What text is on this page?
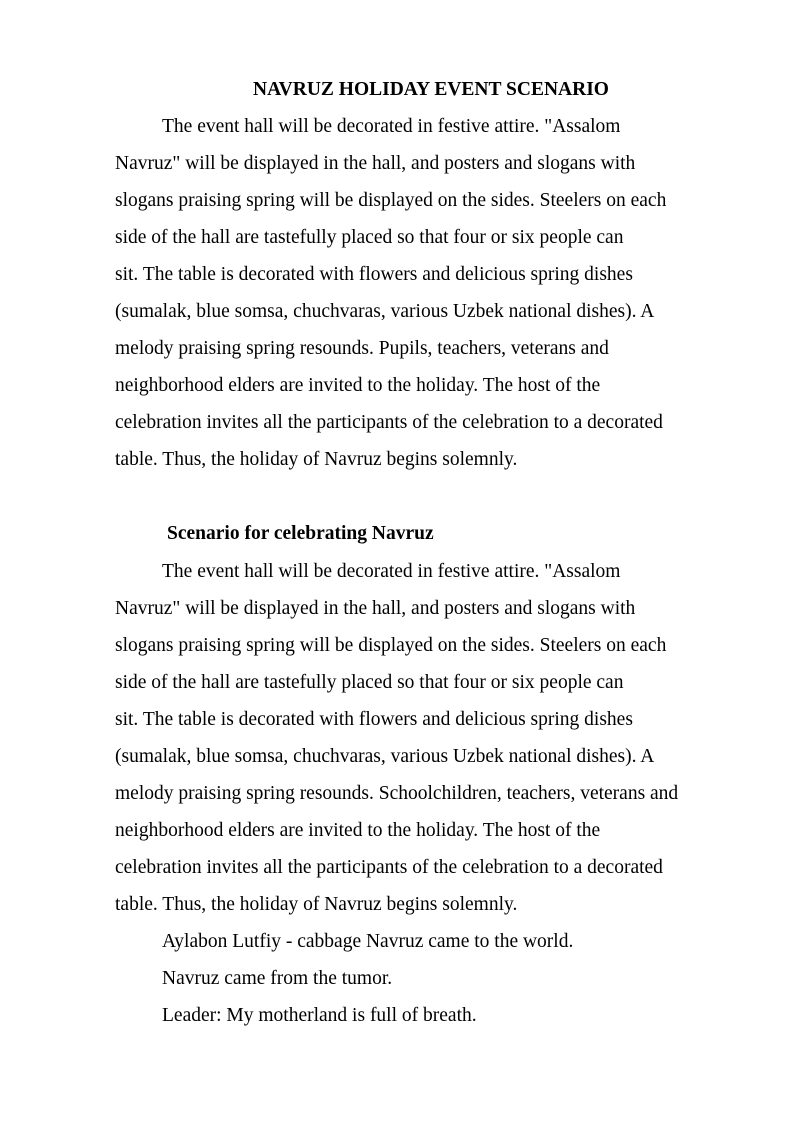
NAVRUZ HOLIDAY EVENT SCENARIO
The event hall will be decorated in festive attire. "Assalom
Navruz" will be displayed in the hall, and posters and slogans with
slogans praising spring will be displayed on the sides. Steelers on each
side of the hall are tastefully placed so that four or six people can
sit. The table is decorated with flowers and delicious spring dishes
(sumalak, blue somsa, chuchvaras, various Uzbek national dishes). A
melody praising spring resounds. Pupils, teachers, veterans and
neighborhood elders are invited to the holiday. The host of the
celebration invites all the participants of the celebration to a decorated
table. Thus, the holiday of Navruz begins solemnly.
Scenario for celebrating Navruz
The event hall will be decorated in festive attire. "Assalom
Navruz" will be displayed in the hall, and posters and slogans with
slogans praising spring will be displayed on the sides. Steelers on each
side of the hall are tastefully placed so that four or six people can
sit. The table is decorated with flowers and delicious spring dishes
(sumalak, blue somsa, chuchvaras, various Uzbek national dishes). A
melody praising spring resounds. Schoolchildren, teachers, veterans and
neighborhood elders are invited to the holiday. The host of the
celebration invites all the participants of the celebration to a decorated
table. Thus, the holiday of Navruz begins solemnly.
Aylabon Lutfiy - cabbage Navruz came to the world.
Navruz came from the tumor.
Leader: My motherland is full of breath.
